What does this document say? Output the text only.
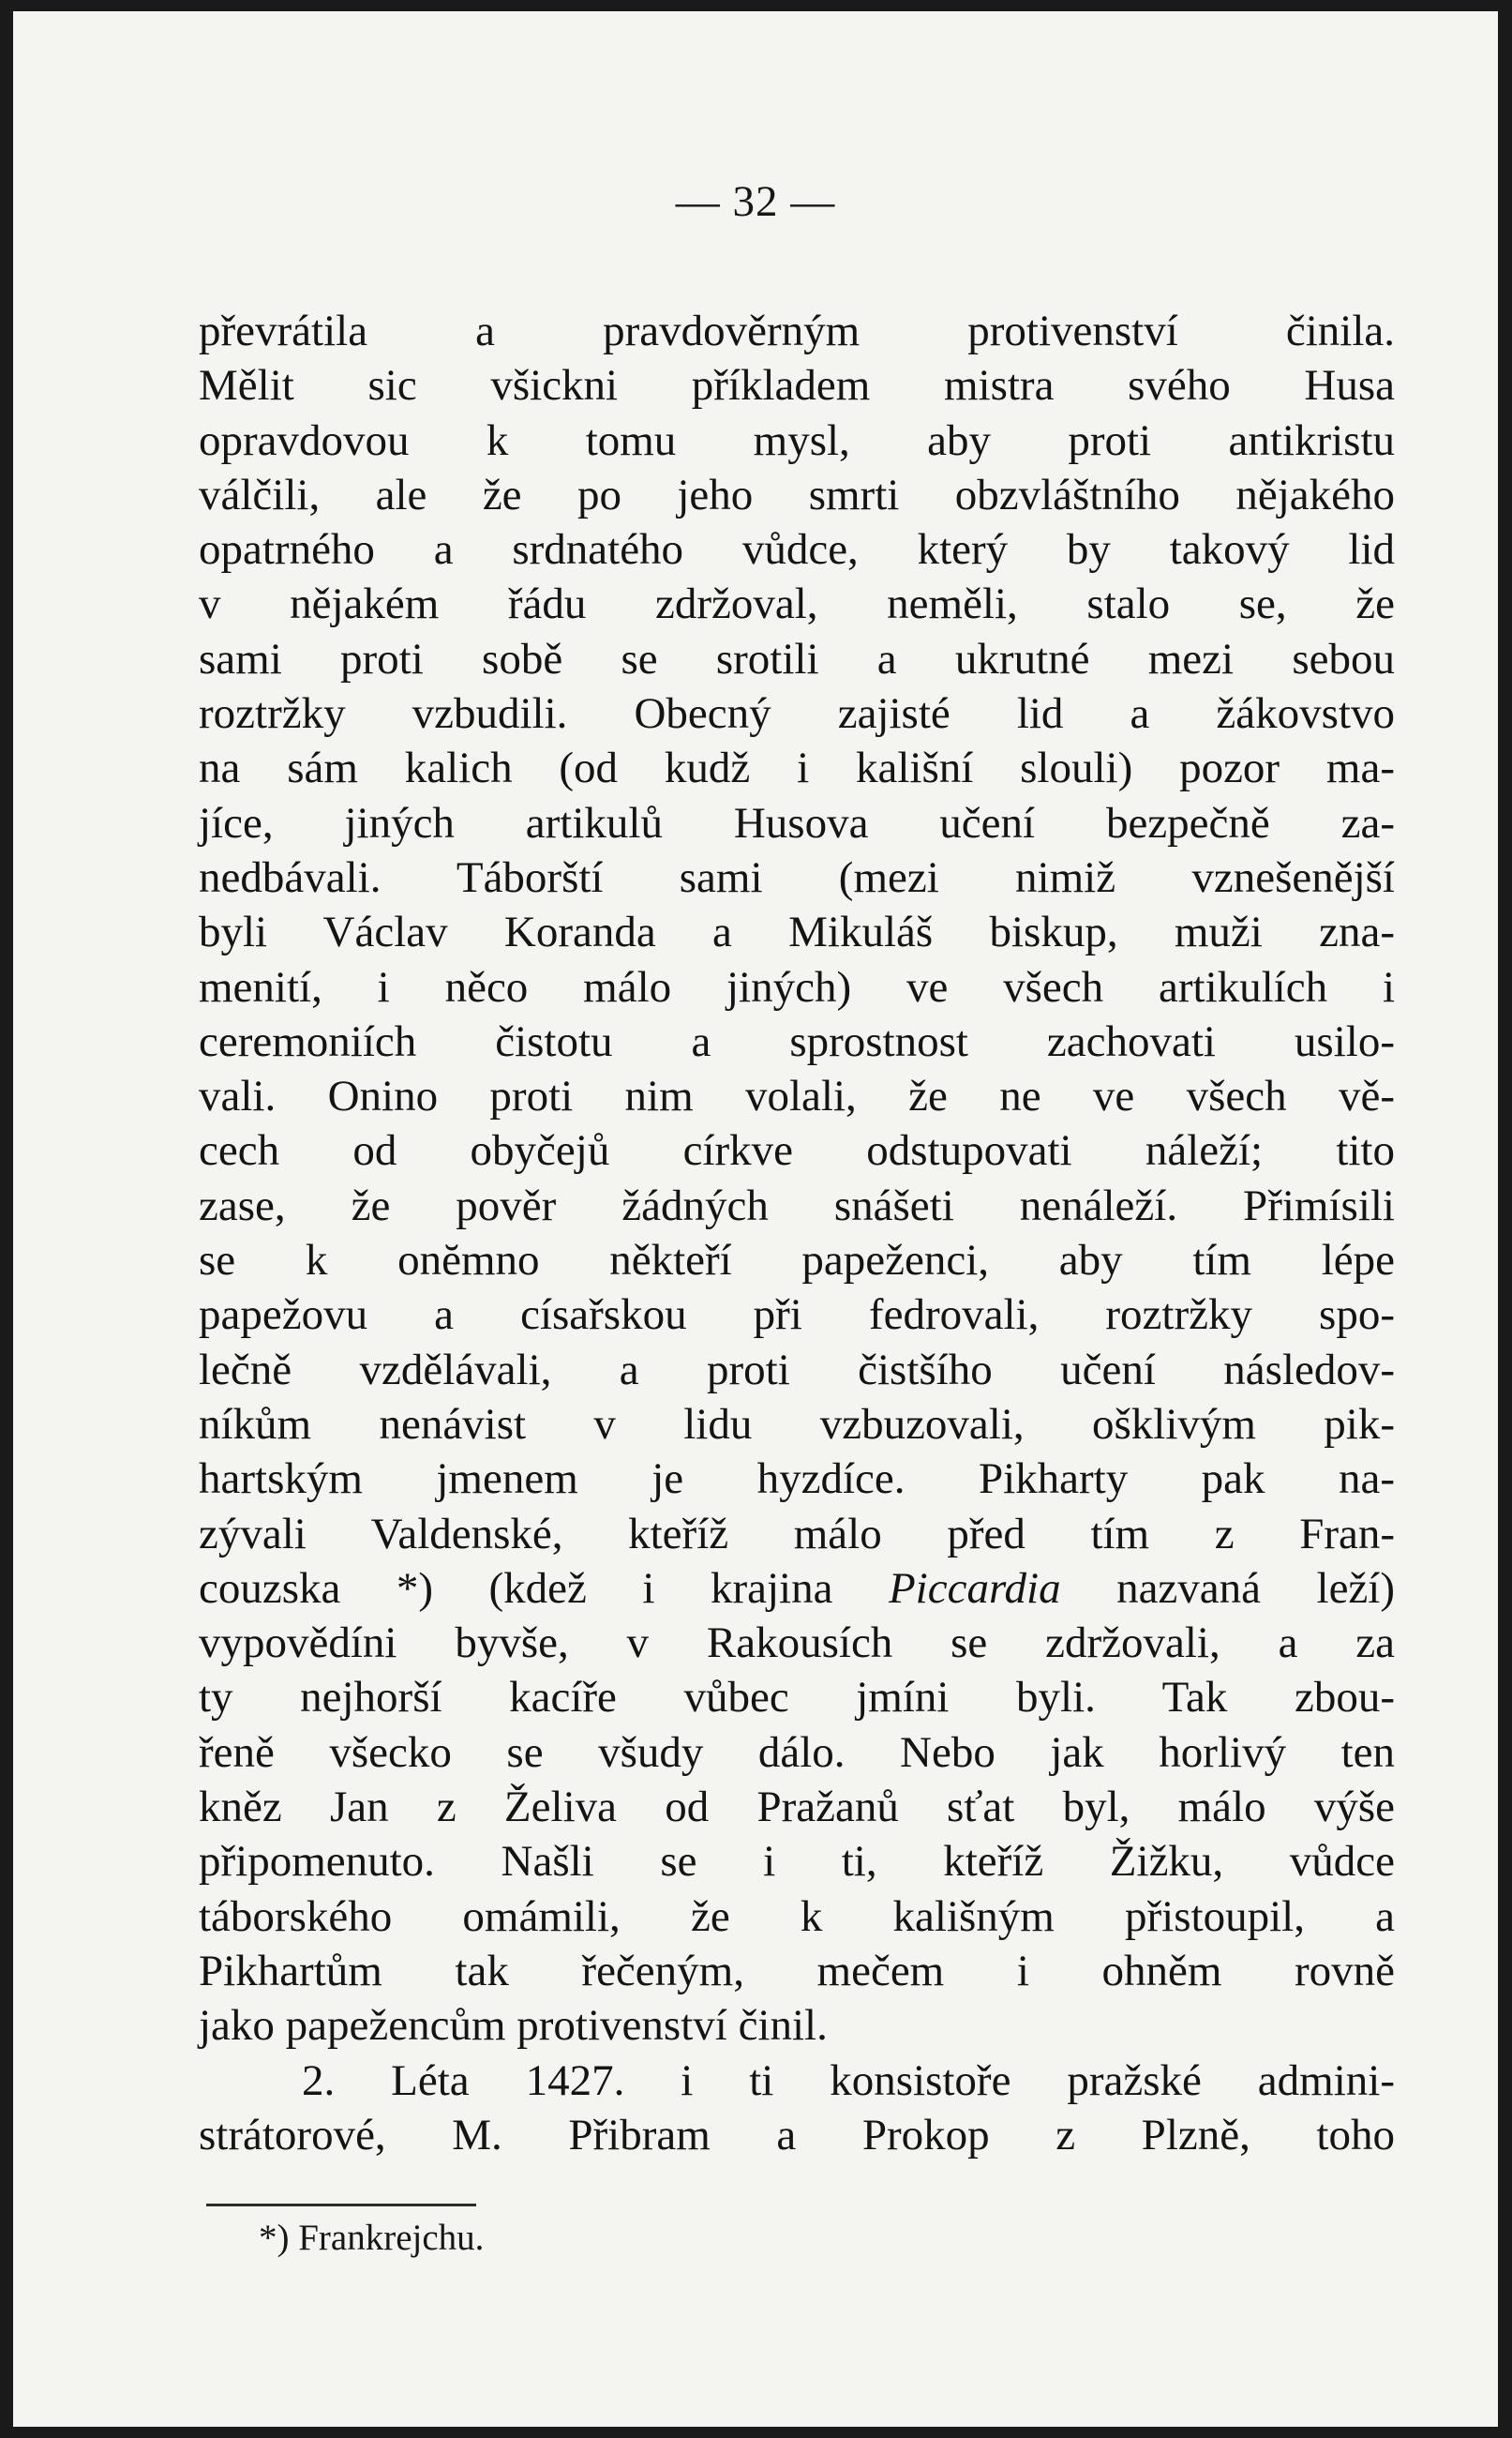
— 32 —
převrátila a pravdověrným protivenství činila.
Mělit sic všickni příkladem mistra svého Husa
opravdovou k tomu mysl, aby proti antikristu
válčili, ale že po jeho smrti obzvláštního nějakého
opatrného a srdnatého vůdce, který by takový lid
v nějakém řádu zdržoval, neměli, stalo se, že
sami proti sobě se srotili a ukrutné mezi sebou
roztržky vzbudili. Obecný zajisté lid a žákovstvo
na sám kalich (od kudž i kališní slouli) pozor ma-
jíce, jiných artikulů Husova učení bezpečně za-
nedbávali. Táborští sami (mezi nimiž vznešenější
byli Václav Koranda a Mikuláš biskup, muži zna-
menití, i něco málo jiných) ve všech artikulích i
ceremoniích čistotu a sprostnost zachovati usilo-
vali. Onino proti nim volali, že ne ve všech vě-
cech od obyčejů církve odstupovati náleží; tito
zase, že pověr žádných snášeti nenáleží. Přimísili
se k onĕmno někteří papeženci, aby tím lépe
papežovu a císařskou při fedrovali, roztržky spo-
lečně vzdělávali, a proti čistšího učení následov-
níkům nenávist v lidu vzbuzovali, ošklivým pik-
hartským jmenem je hyzdíce. Pikharty pak na-
zývali Valdenské, kteříž málo před tím z Fran-
couzska *) (kdež i krajina Piccardia nazvaná leží)
vypovědíni byvše, v Rakousích se zdržovali, a za
ty nejhorší kacíře vůbec jmíni byli. Tak zbou-
řeně všecko se všudy dálo. Nebo jak horlivý ten
kněz Jan z Želiva od Pražanů sťat byl, málo výše
připomenuto. Našli se i ti, kteříž Žižku, vůdce
táborského omámili, že k kališným přistoupil, a
Pikhartům tak řečeným, mečem i ohněm rovně
jako papežencům protivenství činil.
2. Léta 1427. i ti konsistoře pražské admini-
strátorové, M. Přibram a Prokop z Plzně, toho
*) Frankrejchu.
